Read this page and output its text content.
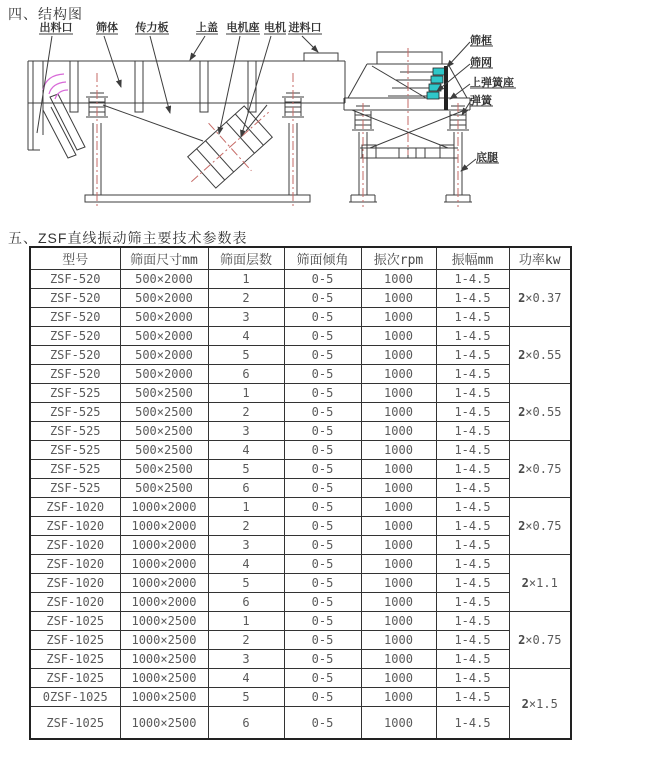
四、结构图
出料口 筛体 传力板	上盖 电机座 电机 进料口
筛框
筛网
上弹簧座
弹簧
底腿
五、ZSF直线振动筛主要技术参数表
型号	筛面尺寸mm	筛面层数	筛面倾角	振次rpm	振幅mm	功率kw
ZSF-520	500×2000	1	0-5	1000	1-4.5	2×0.37
ZSF-520	500×2000	2	0-5	1000	1-4.5	
ZSF-520	500×2000	3	0-5	1000	1-4.5	
ZSF-520	500×2000	4	0-5	1000	1-4.5	2×0.55
ZSF-520	500×2000	5	0-5	1000	1-4.5	
ZSF-520	500×2000	6	0-5	1000	1-4.5	
ZSF-525	500×2500	1	0-5	1000	1-4.5	2×0.55
ZSF-525	500×2500	2	0-5	1000	1-4.5	
ZSF-525	500×2500	3	0-5	1000	1-4.5	
ZSF-525	500×2500	4	0-5	1000	1-4.5	2×0.75
ZSF-525	500×2500	5	0-5	1000	1-4.5	
ZSF-525	500×2500	6	0-5	1000	1-4.5	
ZSF-1020	1000×2000	1	0-5	1000	1-4.5	2×0.75
ZSF-1020	1000×2000	2	0-5	1000	1-4.5	
ZSF-1020	1000×2000	3	0-5	1000	1-4.5	
ZSF-1020	1000×2000	4	0-5	1000	1-4.5	2×1.1
ZSF-1020	1000×2000	5	0-5	1000	1-4.5	
ZSF-1020	1000×2000	6	0-5	1000	1-4.5	
ZSF-1025	1000×2500	1	0-5	1000	1-4.5	2×0.75
ZSF-1025	1000×2500	2	0-5	1000	1-4.5	
ZSF-1025	1000×2500	3	0-5	1000	1-4.5	
ZSF-1025	1000×2500	4	0-5	1000	1-4.5	2×1.5
0ZSF-1025	1000×2500	5	0-5	1000	1-4.5	
ZSF-1025	1000×2500	6	0-5	1000	1-4.5	
